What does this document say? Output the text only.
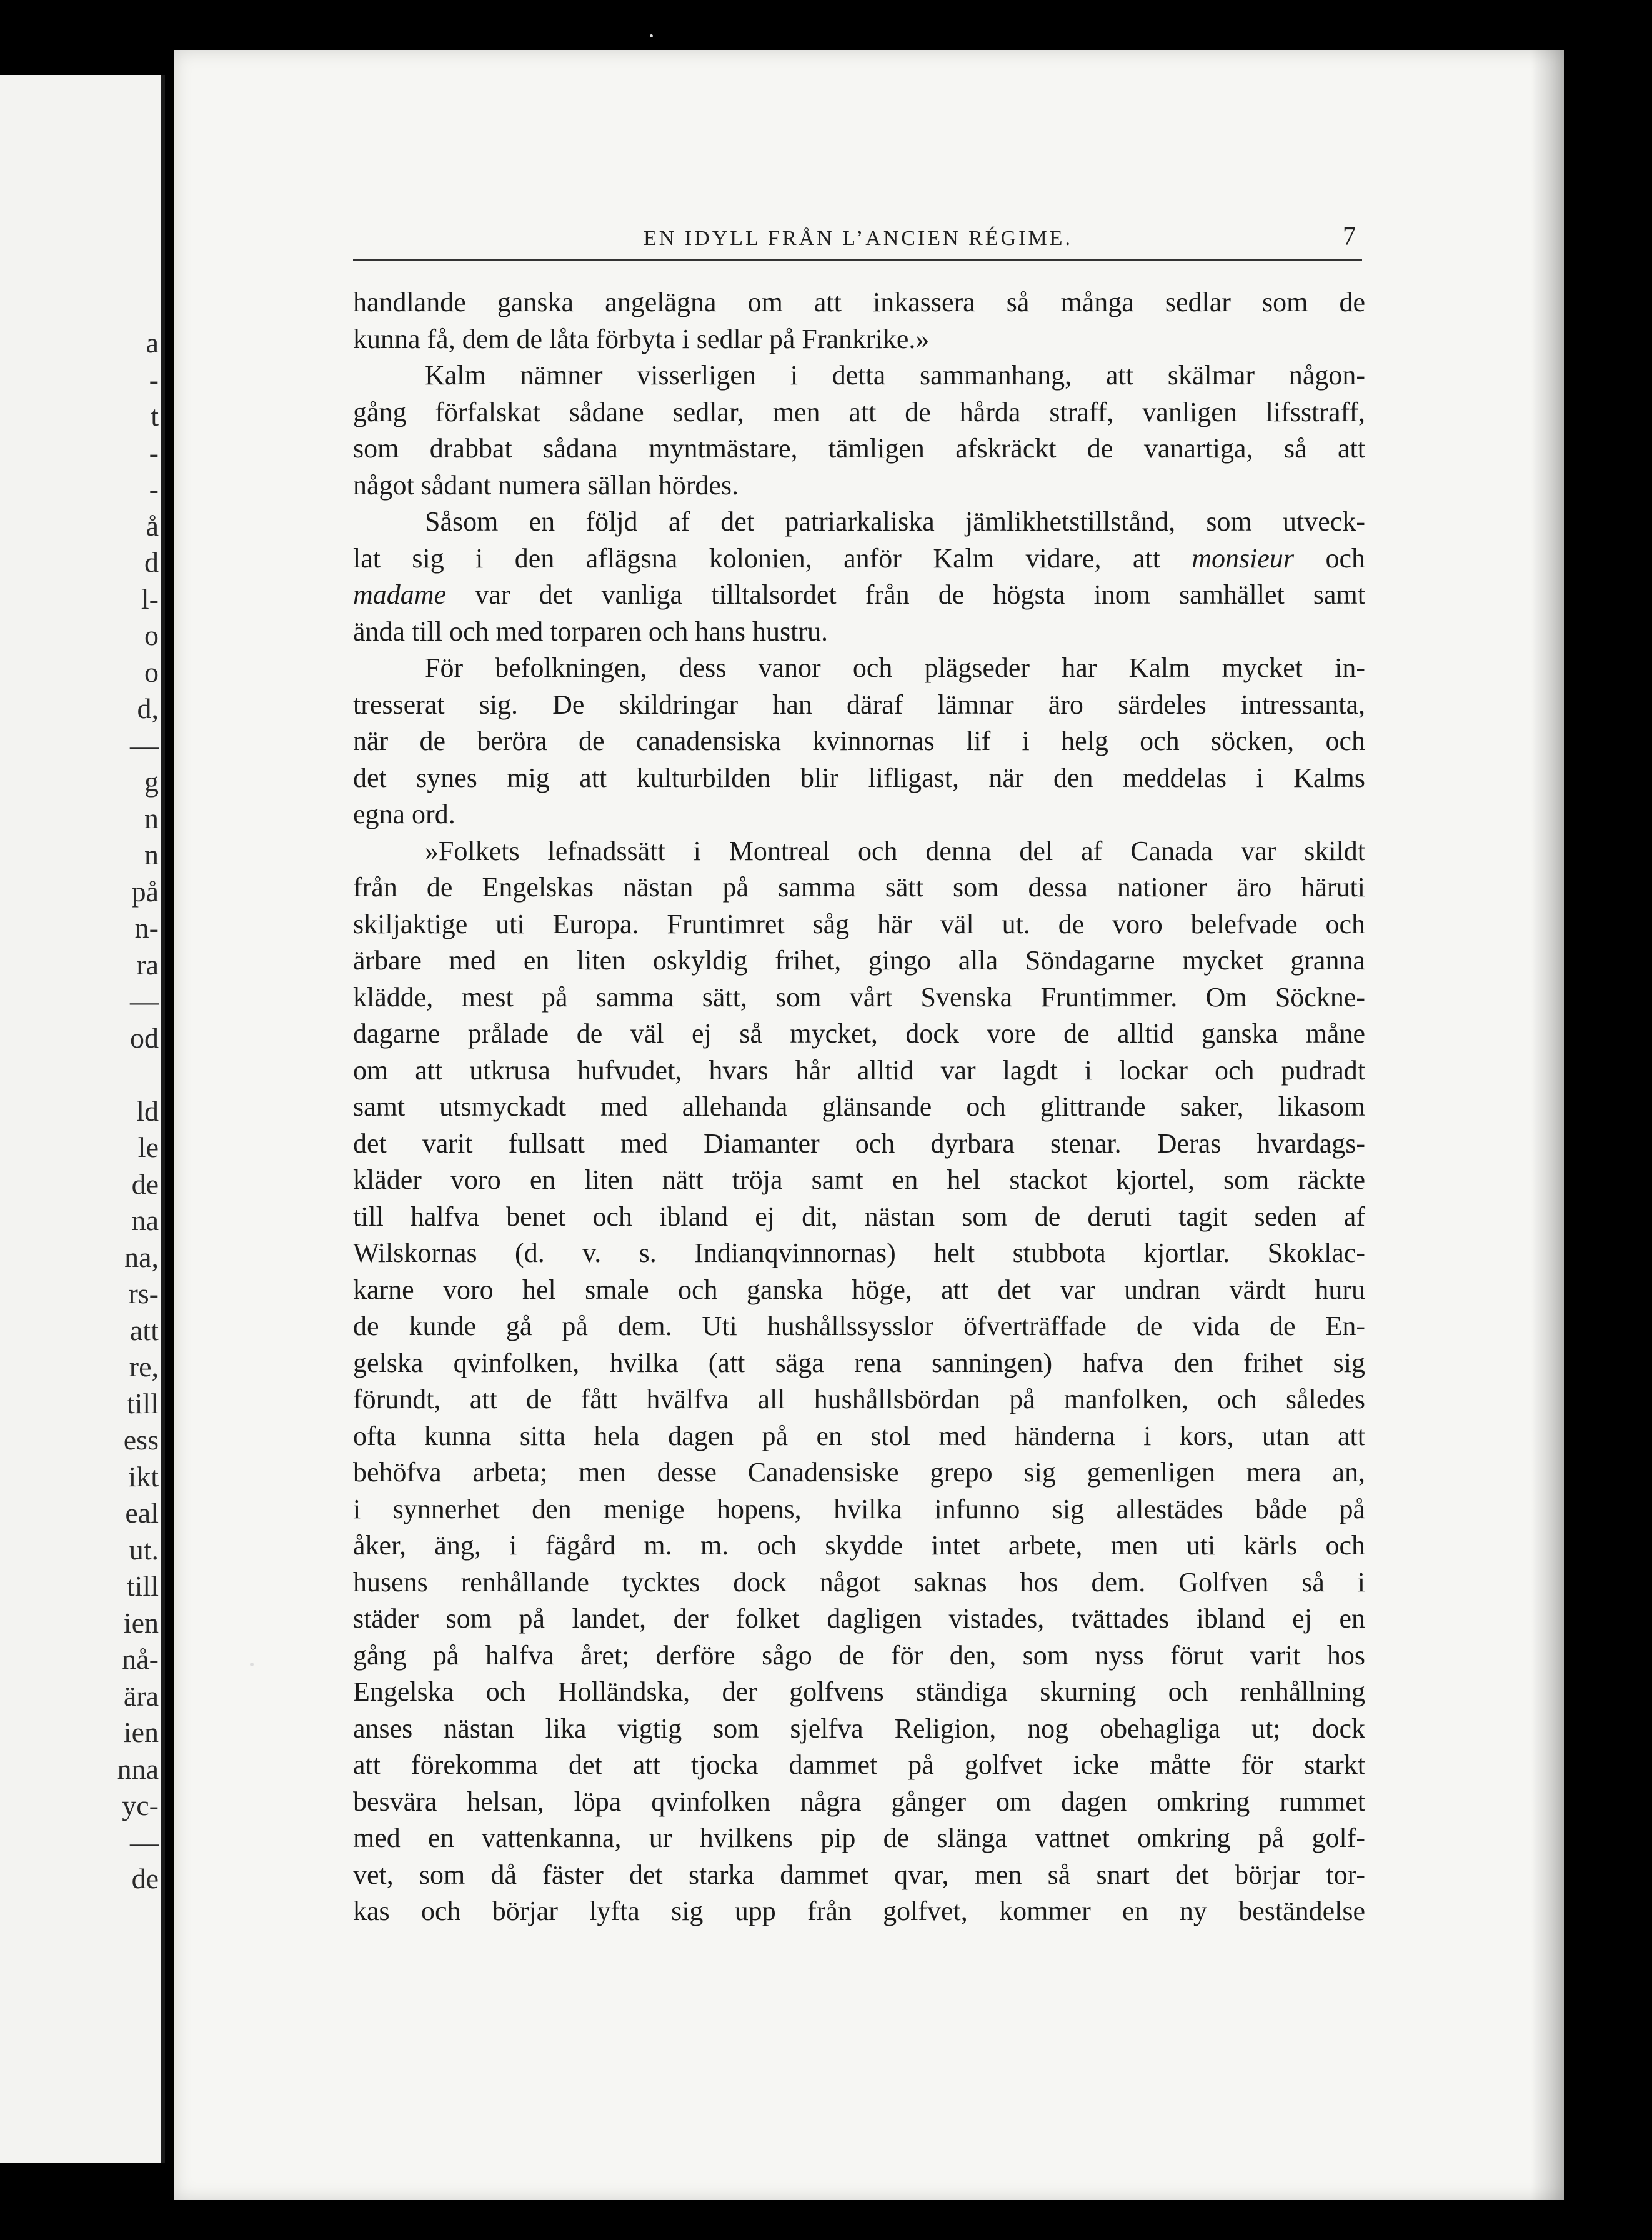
a
-
t
-
-
å
d
l-
o
o
d,
—
g
n
n
på
n-
ra
—
od
ld
le
de
na
na,
rs-
att
re,
till
ess
ikt
eal
ut.
till
ien
nå-
ära
ien
nna
yc-
—
de
EN IDYLL FRÅN L’ANCIEN RÉGIME.	7
handlande ganska angelägna om att inkassera så många sedlar som de
kunna få, dem de låta förbyta i sedlar på Frankrike.»
Kalm nämner visserligen i detta sammanhang, att skälmar någon-
gång förfalskat sådane sedlar, men att de hårda straff, vanligen lifsstraff,
som drabbat sådana myntmästare, tämligen afskräckt de vanartiga, så att
något sådant numera sällan hördes.
Såsom en följd af det patriarkaliska jämlikhetstillstånd, som utveck-
lat sig i den aflägsna kolonien, anför Kalm vidare, att monsieur och
madame var det vanliga tilltalsordet från de högsta inom samhället samt
ända till och med torparen och hans hustru.
För befolkningen, dess vanor och plägseder har Kalm mycket in-
tresserat sig. De skildringar han däraf lämnar äro särdeles intressanta,
när de beröra de canadensiska kvinnornas lif i helg och söcken, och
det synes mig att kulturbilden blir lifligast, när den meddelas i Kalms
egna ord.
»Folkets lefnadssätt i Montreal och denna del af Canada var skildt
från de Engelskas nästan på samma sätt som dessa nationer äro häruti
skiljaktige uti Europa. Fruntimret såg här väl ut. de voro belefvade och
ärbare med en liten oskyldig frihet, gingo alla Söndagarne mycket granna
klädde, mest på samma sätt, som vårt Svenska Fruntimmer. Om Söckne-
dagarne prålade de väl ej så mycket, dock vore de alltid ganska måne
om att utkrusa hufvudet, hvars hår alltid var lagdt i lockar och pudradt
samt utsmyckadt med allehanda glänsande och glittrande saker, likasom
det varit fullsatt med Diamanter och dyrbara stenar. Deras hvardags-
kläder voro en liten nätt tröja samt en hel stackot kjortel, som räckte
till halfva benet och ibland ej dit, nästan som de deruti tagit seden af
Wilskornas (d. v. s. Indianqvinnornas) helt stubbota kjortlar. Skoklac-
karne voro hel smale och ganska höge, att det var undran värdt huru
de kunde gå på dem. Uti hushållssysslor öfverträffade de vida de En-
gelska qvinfolken, hvilka (att säga rena sanningen) hafva den frihet sig
förundt, att de fått hvälfva all hushållsbördan på manfolken, och således
ofta kunna sitta hela dagen på en stol med händerna i kors, utan att
behöfva arbeta; men desse Canadensiske grepo sig gemenligen mera an,
i synnerhet den menige hopens, hvilka infunno sig allestädes både på
åker, äng, i fägård m. m. och skydde intet arbete, men uti kärls och
husens renhållande tycktes dock något saknas hos dem. Golfven så i
städer som på landet, der folket dagligen vistades, tvättades ibland ej en
gång på halfva året; derföre sågo de för den, som nyss förut varit hos
Engelska och Holländska, der golfvens ständiga skurning och renhållning
anses nästan lika vigtig som sjelfva Religion, nog obehagliga ut; dock
att förekomma det att tjocka dammet på golfvet icke måtte för starkt
besvära helsan, löpa qvinfolken några gånger om dagen omkring rummet
med en vattenkanna, ur hvilkens pip de slänga vattnet omkring på golf-
vet, som då fäster det starka dammet qvar, men så snart det börjar tor-
kas och börjar lyfta sig upp från golfvet, kommer en ny beständelse
